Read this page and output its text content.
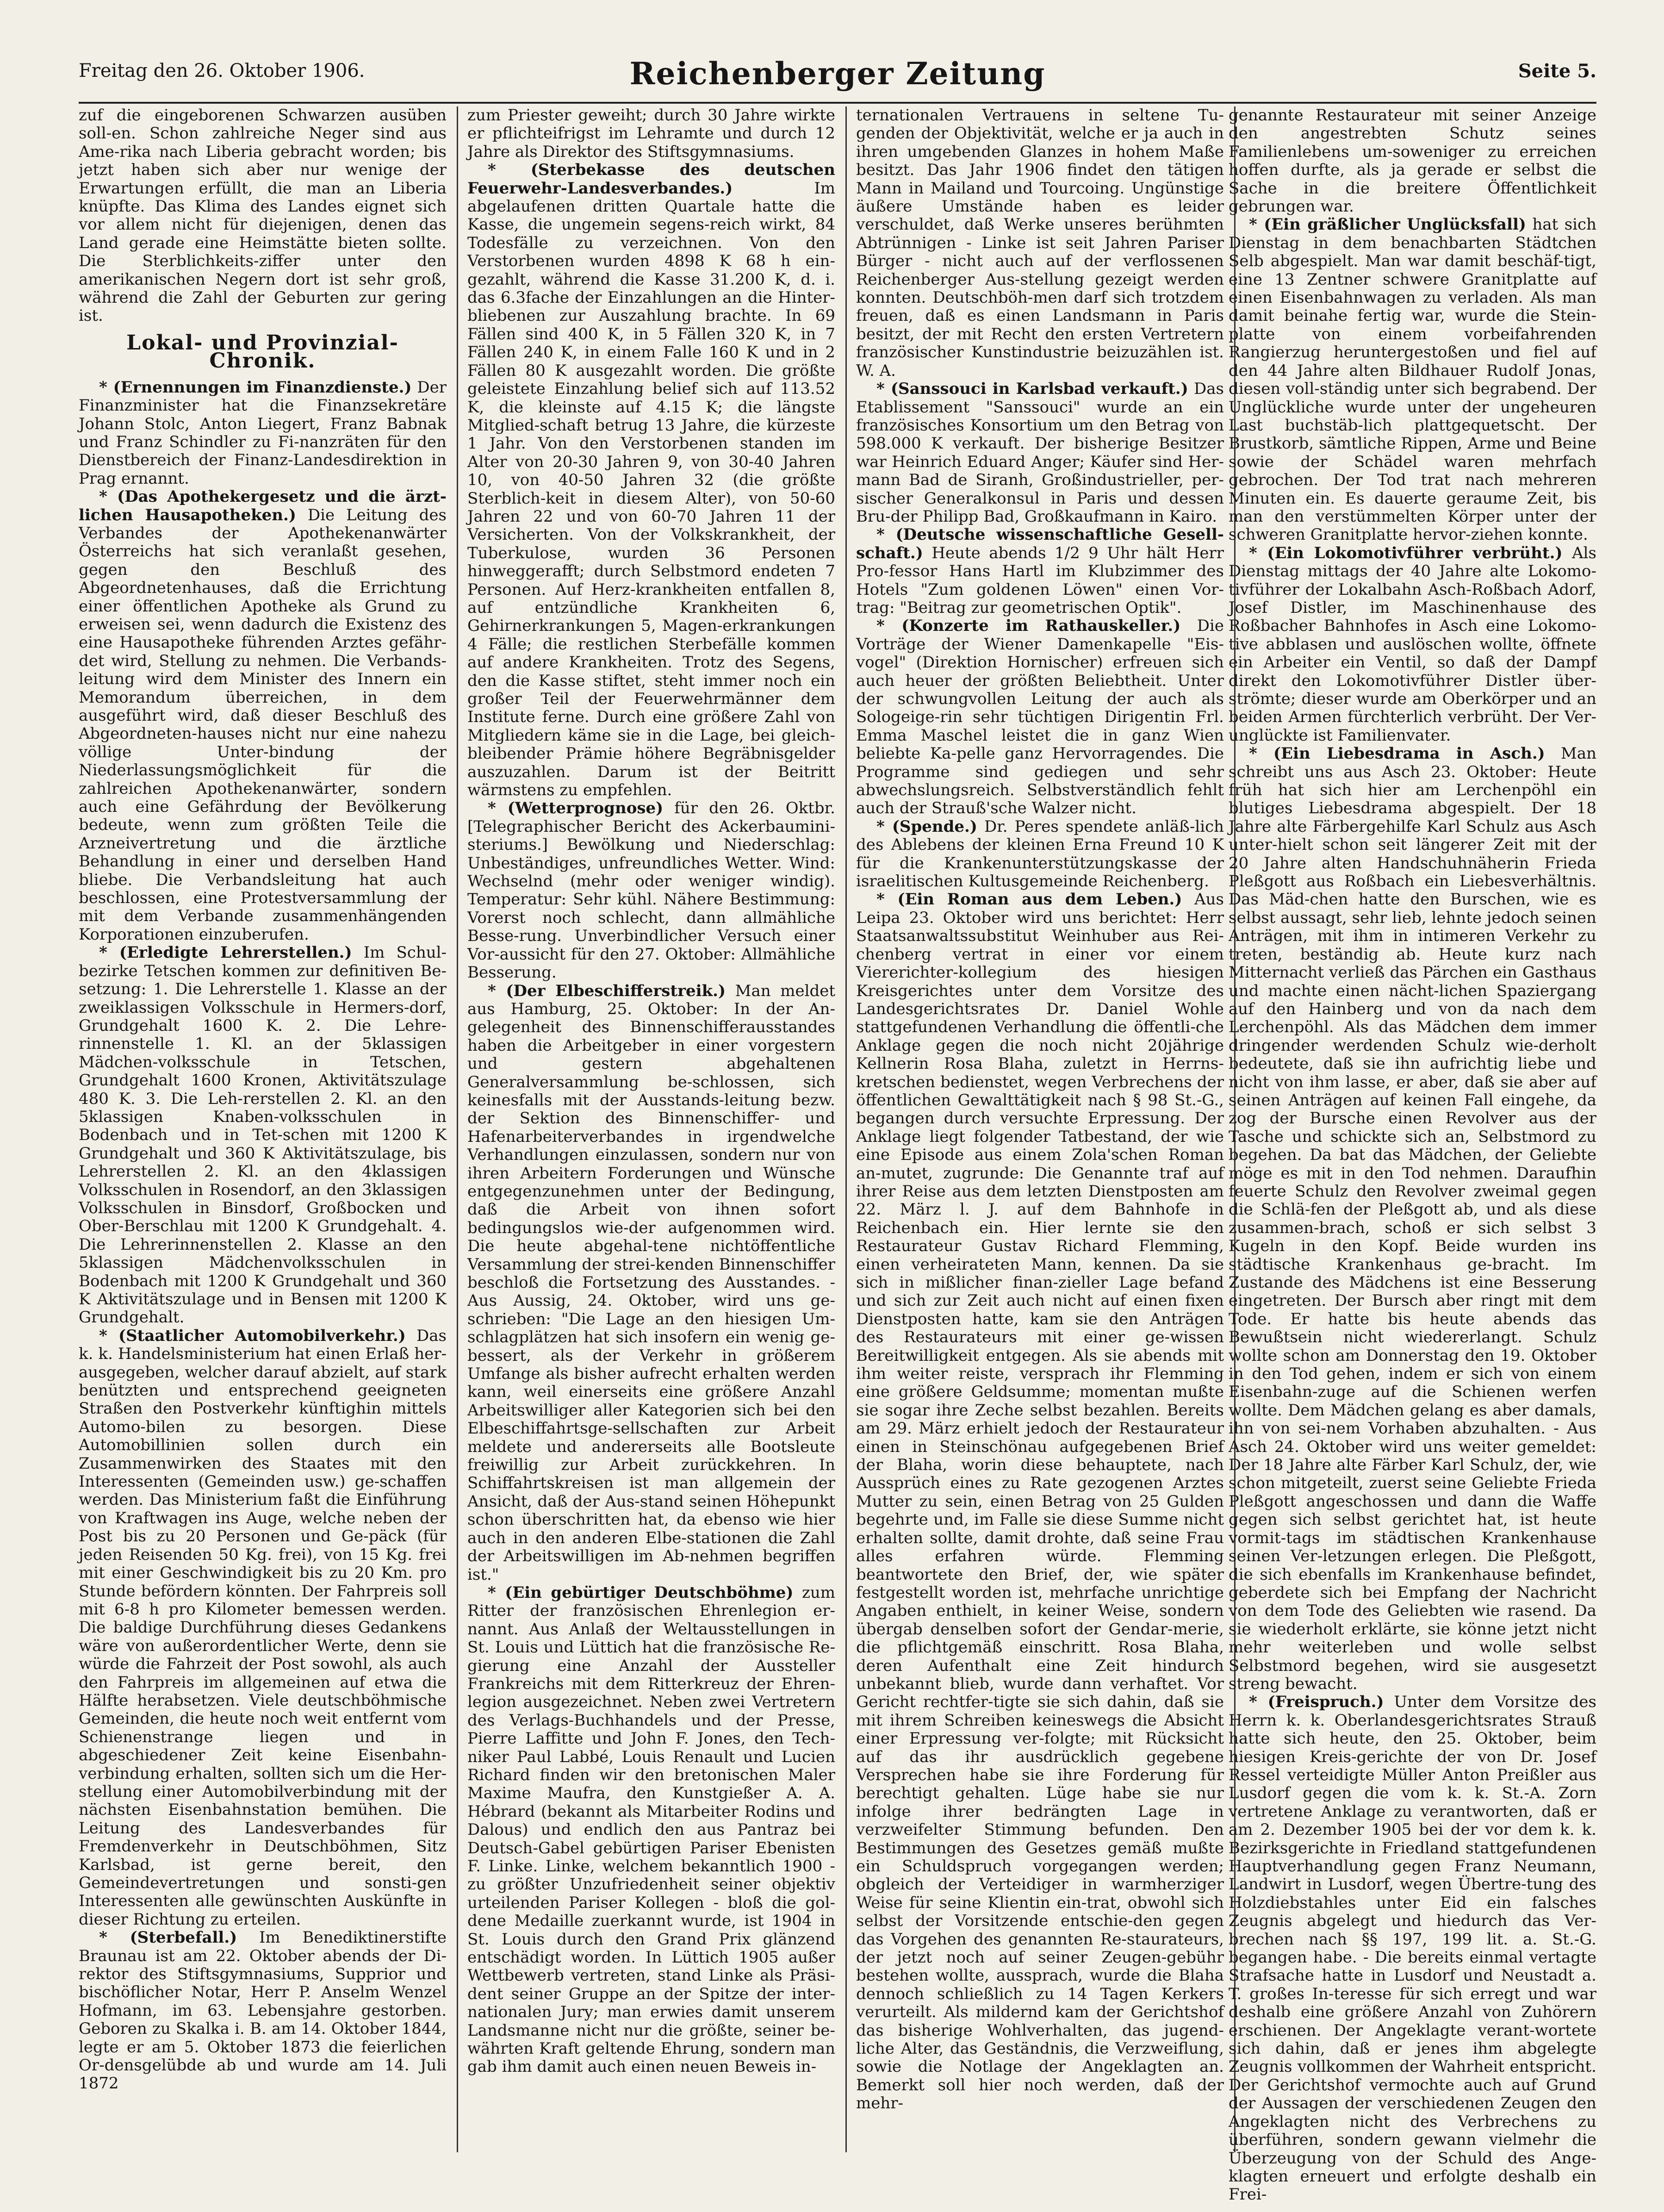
Freitag den 26. Oktober 1906.	Reichenberger Zeitung	Seite 5.

zuf die eingeborenen Schwarzen ausüben soll-en. Schon zahlreiche Neger sind aus Ame-rika nach Liberia gebracht worden; bis jetzt haben sich aber nur wenige der Erwartungen erfüllt, die man an Liberia knüpfte. Das Klima des Landes eignet sich vor allem nicht für diejenigen, denen das Land gerade eine Heimstätte bieten sollte. Die Sterblichkeits-ziffer unter den amerikanischen Negern dort ist sehr groß, während die Zahl der Geburten zur gering ist.

Lokal- und Provinzial-Chronik.

* (Ernennungen im Finanzdienste.) Der Finanzminister hat die Finanzsekretäre Johann Stolc, Anton Liegert, Franz Babnak und Franz Schindler zu Fi-nanzräten für den Dienstbereich der Finanz-Landesdirektion in Prag ernannt.

* (Das Apothekergesetz und die ärzt-lichen Hausapotheken.) Die Leitung des Verbandes der Apothekenanwärter Österreichs hat sich veranlaßt gesehen, gegen den Beschluß des Abgeordnetenhauses, daß die Errichtung einer öffentlichen Apotheke als Grund zu erweisen sei, wenn dadurch die Existenz des eine Hausapotheke führenden Arztes gefähr-det wird, Stellung zu nehmen. Die Verbands-leitung wird dem Minister des Innern ein Memorandum überreichen, in dem ausgeführt wird, daß dieser Beschluß des Abgeordneten-hauses nicht nur eine nahezu völlige Unter-bindung der Niederlassungsmöglichkeit für die zahlreichen Apothekenanwärter, sondern auch eine Gefährdung der Bevölkerung bedeute, wenn zum größten Teile die Arzneivertretung und die ärztliche Behandlung in einer und derselben Hand bliebe. Die Verbandsleitung hat auch beschlossen, eine Protestversammlung der mit dem Verbande zusammenhängenden Korporationen einzuberufen.

* (Erledigte Lehrerstellen.) Im Schul-bezirke Tetschen kommen zur definitiven Be-setzung: 1. Die Lehrerstelle 1. Klasse an der zweiklassigen Volksschule in Hermers-dorf, Grundgehalt 1600 K. 2. Die Lehre-rinnenstelle 1. Kl. an der 5klassigen Mädchen-volksschule in Tetschen, Grundgehalt 1600 Kronen, Aktivitätszulage 480 K. 3. Die Leh-rerstellen 2. Kl. an den 5klassigen Knaben-volksschulen in Bodenbach und in Tet-schen mit 1200 K Grundgehalt und 360 K Aktivitätszulage, bis Lehrerstellen 2. Kl. an den 4klassigen Volksschulen in Rosendorf, an den 3klassigen Volksschulen in Binsdorf, Großbocken und Ober-Berschlau mit 1200 K Grundgehalt. 4. Die Lehrerinnenstellen 2. Klasse an den 5klassigen Mädchenvolksschulen in Bodenbach mit 1200 K Grundgehalt und 360 K Aktivitätszulage und in Bensen mit 1200 K Grundgehalt.

* (Staatlicher Automobilverkehr.) Das k. k. Handelsministerium hat einen Erlaß her-ausgegeben, welcher darauf abzielt, auf stark benützten und entsprechend geeigneten Straßen den Postverkehr künftighin mittels Automo-bilen zu besorgen. Diese Automobillinien sollen durch ein Zusammenwirken des Staates mit den Interessenten (Gemeinden usw.) ge-schaffen werden. Das Ministerium faßt die Einführung von Kraftwagen ins Auge, welche neben der Post bis zu 20 Personen und Ge-päck (für jeden Reisenden 50 Kg. frei), von 15 Kg. frei mit einer Geschwindigkeit bis zu 20 Km. pro Stunde befördern könnten. Der Fahrpreis soll mit 6-8 h pro Kilometer bemessen werden. Die baldige Durchführung dieses Gedankens wäre von außerordentlicher Werte, denn sie würde die Fahrzeit der Post sowohl, als auch den Fahrpreis im allgemeinen auf etwa die Hälfte herabsetzen. Viele deutschböhmische Gemeinden, die heute noch weit entfernt vom Schienenstrange liegen und in abgeschiedener Zeit keine Eisenbahn-verbindung erhalten, sollten sich um die Her-stellung einer Automobilverbindung mit der nächsten Eisenbahnstation bemühen. Die Leitung des Landesverbandes für Fremdenverkehr in Deutschböhmen, Sitz Karlsbad, ist gerne bereit, den Gemeindevertretungen und sonsti-gen Interessenten alle gewünschten Auskünfte in dieser Richtung zu erteilen.

* (Sterbefall.) Im Benediktinerstifte Braunau ist am 22. Oktober abends der Di-rektor des Stiftsgymnasiums, Supprior und bischöflicher Notar, Herr P. Anselm Wenzel Hofmann, im 63. Lebensjahre gestorben. Geboren zu Skalka i. B. am 14. Oktober 1844, legte er am 5. Oktober 1873 die feierlichen Or-densgelübde ab und wurde am 14. Juli 1872

zum Priester geweiht; durch 30 Jahre wirkte er pflichteifrigst im Lehramte und durch 12 Jahre als Direktor des Stiftsgymnasiums.

* (Sterbekasse des deutschen Feuerwehr-Landesverbandes.)	Im abgelaufenen dritten Quartale hatte die Kasse, die ungemein segens-reich wirkt, 84 Todesfälle zu verzeichnen. Von den Verstorbenen wurden 4898 K 68 h ein-gezahlt, während die Kasse 31.200 K, d. i. das 6.3fache der Einzahlungen an die Hinter-bliebenen zur Auszahlung brachte. In 69 Fällen sind 400 K, in 5 Fällen 320 K, in 7 Fällen 240 K, in einem Falle 160 K und in 2 Fällen 80 K ausgezahlt worden. Die größte geleistete Einzahlung belief sich auf 113.52 K, die kleinste auf 4.15 K; die längste Mitglied-schaft betrug 13 Jahre, die kürzeste 1 Jahr. Von den Verstorbenen standen im Alter von 20-30 Jahren 9, von 30-40 Jahren 10, von 40-50 Jahren 32 (die größte Sterblich-keit in diesem Alter), von 50-60 Jahren 22 und von 60-70 Jahren 11 der Versicherten. Von der Volkskrankheit, der Tuberkulose, wurden 36 Personen hinweggerafft; durch Selbstmord endeten 7 Personen. Auf Herz-krankheiten entfallen 8, auf entzündliche Krankheiten 6, Gehirnerkrankungen 5, Magen-erkrankungen 4 Fälle; die restlichen Sterbefälle kommen auf andere Krankheiten. Trotz des Segens, den die Kasse stiftet, steht immer noch ein großer Teil der Feuerwehrmänner dem Institute ferne. Durch eine größere Zahl von Mitgliedern käme sie in die Lage, bei gleich-bleibender Prämie höhere Begräbnisgelder auszuzahlen. Darum ist der Beitritt wärmstens zu empfehlen.

* (Wetterprognose) für den 26. Oktbr. [Telegraphischer Bericht des Ackerbaumini-steriums.] Bewölkung und Niederschlag: Unbeständiges, unfreundliches Wetter. Wind: Wechselnd (mehr oder weniger windig). Temperatur: Sehr kühl. Nähere Bestimmung: Vorerst noch schlecht, dann allmähliche Besse-rung. Unverbindlicher Versuch einer Vor-aussicht für den 27. Oktober: Allmähliche Besserung.

* (Der Elbeschifferstreik.) Man meldet aus Hamburg, 25. Oktober: In der An-gelegenheit des Binnenschifferausstandes haben die Arbeitgeber in einer vorgestern und gestern abgehaltenen Generalversammlung be-schlossen, sich keinesfalls mit der Ausstands-leitung bezw. der Sektion des Binnenschiffer- und Hafenarbeiterverbandes in irgendwelche Verhandlungen einzulassen, sondern nur von ihren Arbeitern Forderungen und Wünsche entgegenzunehmen unter der Bedingung, daß die Arbeit von ihnen sofort bedingungslos wie-der aufgenommen wird. Die heute abgehal-tene nichtöffentliche Versammlung der strei-kenden Binnenschiffer beschloß die Fortsetzung des Ausstandes. - Aus Aussig, 24. Oktober, wird uns ge-schrieben: "Die Lage an den hiesigen Um-schlagplätzen hat sich insofern ein wenig ge-bessert, als der Verkehr in größerem Umfange als bisher aufrecht erhalten werden kann, weil einerseits eine größere Anzahl Arbeitswilliger aller Kategorien sich bei den Elbeschiffahrtsge-sellschaften zur Arbeit meldete und andererseits alle Bootsleute freiwillig zur Arbeit zurückkehren. In Schiffahrtskreisen ist man allgemein der Ansicht, daß der Aus-stand seinen Höhepunkt schon überschritten hat, da ebenso wie hier auch in den anderen Elbe-stationen die Zahl der Arbeitswilligen im Ab-nehmen begriffen ist."

* (Ein gebürtiger Deutschböhme) zum Ritter der französischen Ehrenlegion er-nannt. Aus Anlaß der Weltausstellungen in St. Louis und Lüttich hat die französische Re-gierung eine Anzahl der Aussteller Frankreichs mit dem Ritterkreuz der Ehren-legion ausgezeichnet. Neben zwei Vertretern des Verlags-Buchhandels und der Presse, Pierre Laffitte und John F. Jones, den Tech-niker Paul Labbé, Louis Renault und Lucien Richard finden wir den bretonischen Maler Maxime Maufra, den Kunstgießer A. A. Hébrard (bekannt als Mitarbeiter Rodins und Dalous) und endlich den aus Pantraz bei Deutsch-Gabel gebürtigen Pariser Ebenisten F. Linke. Linke, welchem bekanntlich 1900 - zu größter Unzufriedenheit seiner objektiv urteilenden Pariser Kollegen - bloß die gol-dene Medaille zuerkannt wurde, ist 1904 in St. Louis durch den Grand Prix glänzend entschädigt worden. In Lüttich 1905 außer Wettbewerb vertreten, stand Linke als Präsi-dent seiner Gruppe an der Spitze der inter-nationalen Jury; man erwies damit unserem Landsmanne nicht nur die größte, seiner be-währten Kraft geltende Ehrung, sondern man gab ihm damit auch einen neuen Beweis in-

ternationalen Vertrauens in seltene Tu-genden der Objektivität, welche er ja auch in ihren umgebenden Glanzes in hohem Maße besitzt. Das Jahr 1906 findet den tätigen Mann in Mailand und Tourcoing. Ungünstige äußere Umstände haben es leider verschuldet, daß Werke unseres berühmten Abtrünnigen - Linke ist seit Jahren Pariser Bürger - nicht auch auf der verflossenen Reichenberger Aus-stellung gezeigt werden konnten. Deutschböh-men darf sich trotzdem freuen, daß es einen Landsmann in Paris besitzt, der mit Recht den ersten Vertretern französischer Kunstindustrie beizuzählen ist. W. A.

* (Sanssouci in Karlsbad verkauft.) Das Etablissement "Sanssouci" wurde an ein französisches Konsortium um den Betrag von 598.000 K verkauft. Der bisherige Besitzer war Heinrich Eduard Anger; Käufer sind Her-mann Bad de Siranh, Großindustrieller, per-sischer Generalkonsul in Paris und dessen Bru-der Philipp Bad, Großkaufmann in Kairo.

* (Deutsche wissenschaftliche Gesell-schaft.) Heute abends 1/2 9 Uhr hält Herr Pro-fessor Hans Hartl im Klubzimmer des Hotels "Zum goldenen Löwen" einen Vor-trag: "Beitrag zur geometrischen Optik".

* (Konzerte im Rathauskeller.) Die Vorträge der Wiener Damenkapelle "Eis-vogel" (Direktion Hornischer) erfreuen sich auch heuer der größten Beliebtheit. Unter der schwungvollen Leitung der auch als Sologeige-rin sehr tüchtigen Dirigentin Frl. Emma Maschel leistet die in ganz Wien beliebte Ka-pelle ganz Hervorragendes. Die Programme sind gediegen und sehr abwechslungsreich. Selbstverständlich fehlt auch der Strauß'sche Walzer nicht.

* (Spende.) Dr. Peres spendete anläß-lich des Ablebens der kleinen Erna Freund 10 K für die Krankenunterstützungskasse der israelitischen Kultusgemeinde Reichenberg.

* (Ein Roman aus dem Leben.) Aus Leipa 23. Oktober wird uns berichtet: Herr Staatsanwaltssubstitut Weinhuber aus Rei-chenberg vertrat in einer vor einem Viererichter-kollegium des hiesigen Kreisgerichtes unter dem Vorsitze des Landesgerichtsrates Dr. Daniel Wohle stattgefundenen Verhandlung die öffentli-che Anklage gegen die noch nicht 20jährige Kellnerin Rosa Blaha, zuletzt in Herrns-kretschen bedienstet, wegen Verbrechens der öffentlichen Gewalttätigkeit nach § 98 St.-G., begangen durch versuchte Erpressung. Der Anklage liegt folgender Tatbestand, der wie eine Episode aus einem Zola'schen Roman an-mutet, zugrunde: Die Genannte traf auf ihrer Reise aus dem letzten Dienstposten am 22. März l. J. auf dem Bahnhofe in Reichenbach ein. Hier lernte sie den Restaurateur Gustav Richard Flemming, einen verheirateten Mann, kennen. Da sie sich in mißlicher finan-zieller Lage befand und sich zur Zeit auch nicht auf einen fixen Dienstposten hatte, kam sie den Anträgen des Restaurateurs mit einer ge-wissen Bereitwilligkeit entgegen. Als sie abends mit ihm weiter reiste, versprach ihr Flemming eine größere Geldsumme; momentan mußte sie sogar ihre Zeche selbst bezahlen. Bereits am 29. März erhielt jedoch der Restaurateur einen in Steinschönau aufgegebenen Brief der Blaha, worin diese behauptete, nach Aussprüch eines zu Rate gezogenen Arztes Mutter zu sein, einen Betrag von 25 Gulden begehrte und, im Falle sie diese Summe nicht erhalten sollte, damit drohte, daß seine Frau alles erfahren würde. Flemming beantwortete den Brief, der, wie später festgestellt worden ist, mehrfache unrichtige Angaben enthielt, in keiner Weise, sondern übergab denselben sofort der Gendar-merie, die pflichtgemäß einschritt. Rosa Blaha, deren Aufenthalt eine Zeit hindurch unbekannt blieb, wurde dann verhaftet. Vor Gericht rechtfer-tigte sie sich dahin, daß sie mit ihrem Schreiben keineswegs die Absicht einer Erpressung ver-folgte; mit Rücksicht auf das ihr ausdrücklich gegebene Versprechen habe sie ihre Forderung für berechtigt gehalten. Lüge habe sie nur infolge ihrer bedrängten Lage in verzweifelter Stimmung befunden. Den Bestimmungen des Gesetzes gemäß mußte ein Schuldspruch vorgegangen werden; obgleich der Verteidiger in warmherziger Weise für seine Klientin ein-trat, obwohl sich selbst der Vorsitzende entschie-den gegen das Vorgehen des genannten Re-staurateurs, der jetzt noch auf seiner Zeugen-gebühr bestehen wollte, aussprach, wurde die Blaha dennoch schließlich zu 14 Tagen Kerkers verurteilt. Als mildernd kam der Gerichtshof das bisherige Wohlverhalten, das jugend-liche Alter, das Geständnis, die Verzweiflung, sowie die Notlage der Angeklagten an. Bemerkt soll hier noch werden, daß der mehr-

genannte Restaurateur mit seiner Anzeige den angestrebten Schutz seines Familienlebens um-soweniger zu erreichen hoffen durfte, als ja gerade er selbst die Sache in die breitere Öffentlichkeit gebrungen war.

* (Ein gräßlicher Unglücksfall) hat sich Dienstag in dem benachbarten Städtchen Selb abgespielt. Man war damit beschäf-tigt, eine 13 Zentner schwere Granitplatte auf einen Eisenbahnwagen zu verladen. Als man damit beinahe fertig war, wurde die Stein-platte von einem vorbeifahrenden Rangierzug heruntergestoßen und fiel auf den 44 Jahre alten Bildhauer Rudolf Jonas, diesen voll-ständig unter sich begrabend. Der Unglückliche wurde unter der ungeheuren Last buchstäb-lich plattgequetscht. Der Brustkorb, sämtliche Rippen, Arme und Beine sowie der Schädel waren mehrfach gebrochen. Der Tod trat nach mehreren Minuten ein. Es dauerte geraume Zeit, bis man den verstümmelten Körper unter der schweren Granitplatte hervor-ziehen konnte.

* (Ein Lokomotivführer verbrüht.) Als Dienstag mittags der 40 Jahre alte Lokomo-tivführer der Lokalbahn Asch-Roßbach Adorf, Josef Distler, im Maschinenhause des Roßbacher Bahnhofes in Asch eine Lokomo-tive abblasen und auslöschen wollte, öffnete ein Arbeiter ein Ventil, so daß der Dampf direkt den Lokomotivführer Distler über-strömte; dieser wurde am Oberkörper und an beiden Armen fürchterlich verbrüht. Der Ver-unglückte ist Familienvater.

* (Ein Liebesdrama in Asch.) Man schreibt uns aus Asch 23. Oktober: Heute früh hat sich hier am Lerchenpöhl ein blutiges Liebesdrama abgespielt. Der 18 Jahre alte Färbergehilfe Karl Schulz aus Asch unter-hielt schon seit längerer Zeit mit der 20 Jahre alten Handschuhnäherin Frieda Pleßgott aus Roßbach ein Liebesverhältnis. Das Mäd-chen hatte den Burschen, wie es selbst aussagt, sehr lieb, lehnte jedoch seinen Anträgen, mit ihm in intimeren Verkehr zu treten, beständig ab. Heute kurz nach Mitternacht verließ das Pärchen ein Gasthaus und machte einen nächt-lichen Spaziergang auf den Hainberg und von da nach dem Lerchenpöhl. Als das Mädchen dem immer dringender werdenden Schulz wie-derholt bedeutete, daß sie ihn aufrichtig liebe und nicht von ihm lasse, er aber, daß sie aber auf seinen Anträgen auf keinen Fall eingehe, da zog der Bursche einen Revolver aus der Tasche und schickte sich an, Selbstmord zu begehen. Da bat das Mädchen, der Geliebte möge es mit in den Tod nehmen. Daraufhin feuerte Schulz den Revolver zweimal gegen die Schlä-fen der Pleßgott ab, und als diese zusammen-brach, schoß er sich selbst 3 Kugeln in den Kopf. Beide wurden ins städtische Krankenhaus ge-bracht. Im Zustande des Mädchens ist eine Besserung eingetreten. Der Bursch aber ringt mit dem Tode. Er hatte bis heute abends das Bewußtsein nicht wiedererlangt. Schulz wollte schon am Donnerstag den 19. Oktober in den Tod gehen, indem er sich von einem Eisenbahn-zuge auf die Schienen werfen wollte. Dem Mädchen gelang es aber damals, ihn von sei-nem Vorhaben abzuhalten. - Aus Asch 24. Oktober wird uns weiter gemeldet: Der 18 Jahre alte Färber Karl Schulz, der, wie schon mitgeteilt, zuerst seine Geliebte Frieda Pleßgott angeschossen und dann die Waffe gegen sich selbst gerichtet hat, ist heute vormit-tags im städtischen Krankenhause seinen Ver-letzungen erlegen. Die Pleßgott, die sich ebenfalls im Krankenhause befindet, geberdete sich bei Empfang der Nachricht von dem Tode des Geliebten wie rasend. Da sie wiederholt erklärte, sie könne jetzt nicht mehr weiterleben und wolle selbst Selbstmord begehen, wird sie ausgesetzt streng bewacht.

* (Freispruch.) Unter dem Vorsitze des Herrn k. k. Oberlandesgerichtsrates Strauß hatte sich heute, den 25. Oktober, beim hiesigen Kreis-gerichte der von Dr. Josef Ressel verteidigte Müller Anton Preißler aus Lusdorf gegen die vom k. k. St.-A. Zorn vertretene Anklage zu verantworten, daß er am 2. Dezember 1905 bei der vor dem k. k. Bezirksgerichte in Friedland stattgefundenen Hauptverhandlung gegen Franz Neumann, Landwirt in Lusdorf, wegen Übertre-tung des Holzdiebstahles unter Eid ein falsches Zeugnis abgelegt und hiedurch das Ver-brechen nach §§ 197, 199 lit. a. St.-G. begangen habe. - Die bereits einmal vertagte Strafsache hatte in Lusdorf und Neustadt a. T. großes In-teresse für sich erregt und war deshalb eine größere Anzahl von Zuhörern erschienen. Der Angeklagte verant-wortete sich dahin, daß er jenes ihm abgelegte Zeugnis vollkommen der Wahrheit entspricht. Der Gerichtshof vermochte auch auf Grund der Aussagen der verschiedenen Zeugen den Angeklagten nicht des Verbrechens zu überführen, sondern gewann vielmehr die Überzeugung von der Schuld des Ange-klagten erneuert und erfolgte deshalb ein Frei-
